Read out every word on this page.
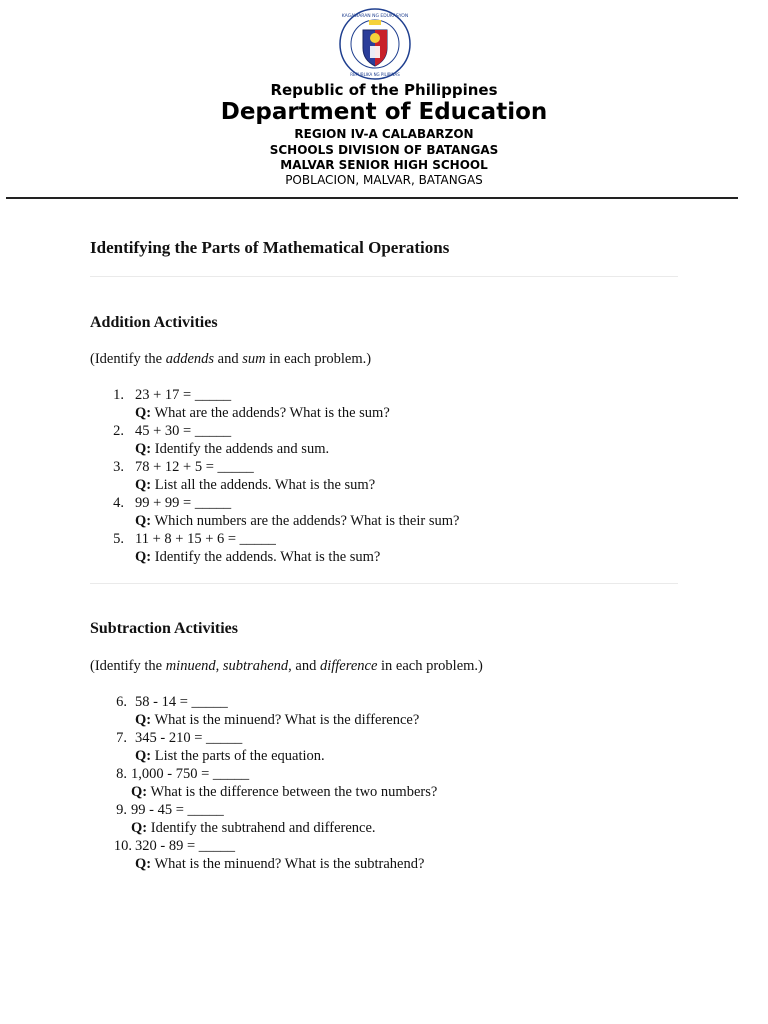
KAGAWARAN NG EDUKASYON
REPUBLIKA NG PILIPINAS
Republic of the Philippines
Department of Education
REGION IV-A CALABARZON
SCHOOLS DIVISION OF BATANGAS
MALVAR SENIOR HIGH SCHOOL
POBLACION, MALVAR, BATANGAS
Identifying the Parts of Mathematical Operations
Addition Activities
(Identify the addends and sum in each problem.)
1. 23 + 17 = _____
Q: What are the addends? What is the sum?
2. 45 + 30 = _____
Q: Identify the addends and sum.
3. 78 + 12 + 5 = _____
Q: List all the addends. What is the sum?
4. 99 + 99 = _____
Q: Which numbers are the addends? What is their sum?
5. 11 + 8 + 15 + 6 = _____
Q: Identify the addends. What is the sum?
Subtraction Activities
(Identify the minuend, subtrahend, and difference in each problem.)
6. 58 - 14 = _____
Q: What is the minuend? What is the difference?
7. 345 - 210 = _____
Q: List the parts of the equation.
8. 1,000 - 750 = _____
Q: What is the difference between the two numbers?
9. 99 - 45 = _____
Q: Identify the subtrahend and difference.
10. 320 - 89 = _____
Q: What is the minuend? What is the subtrahend?
